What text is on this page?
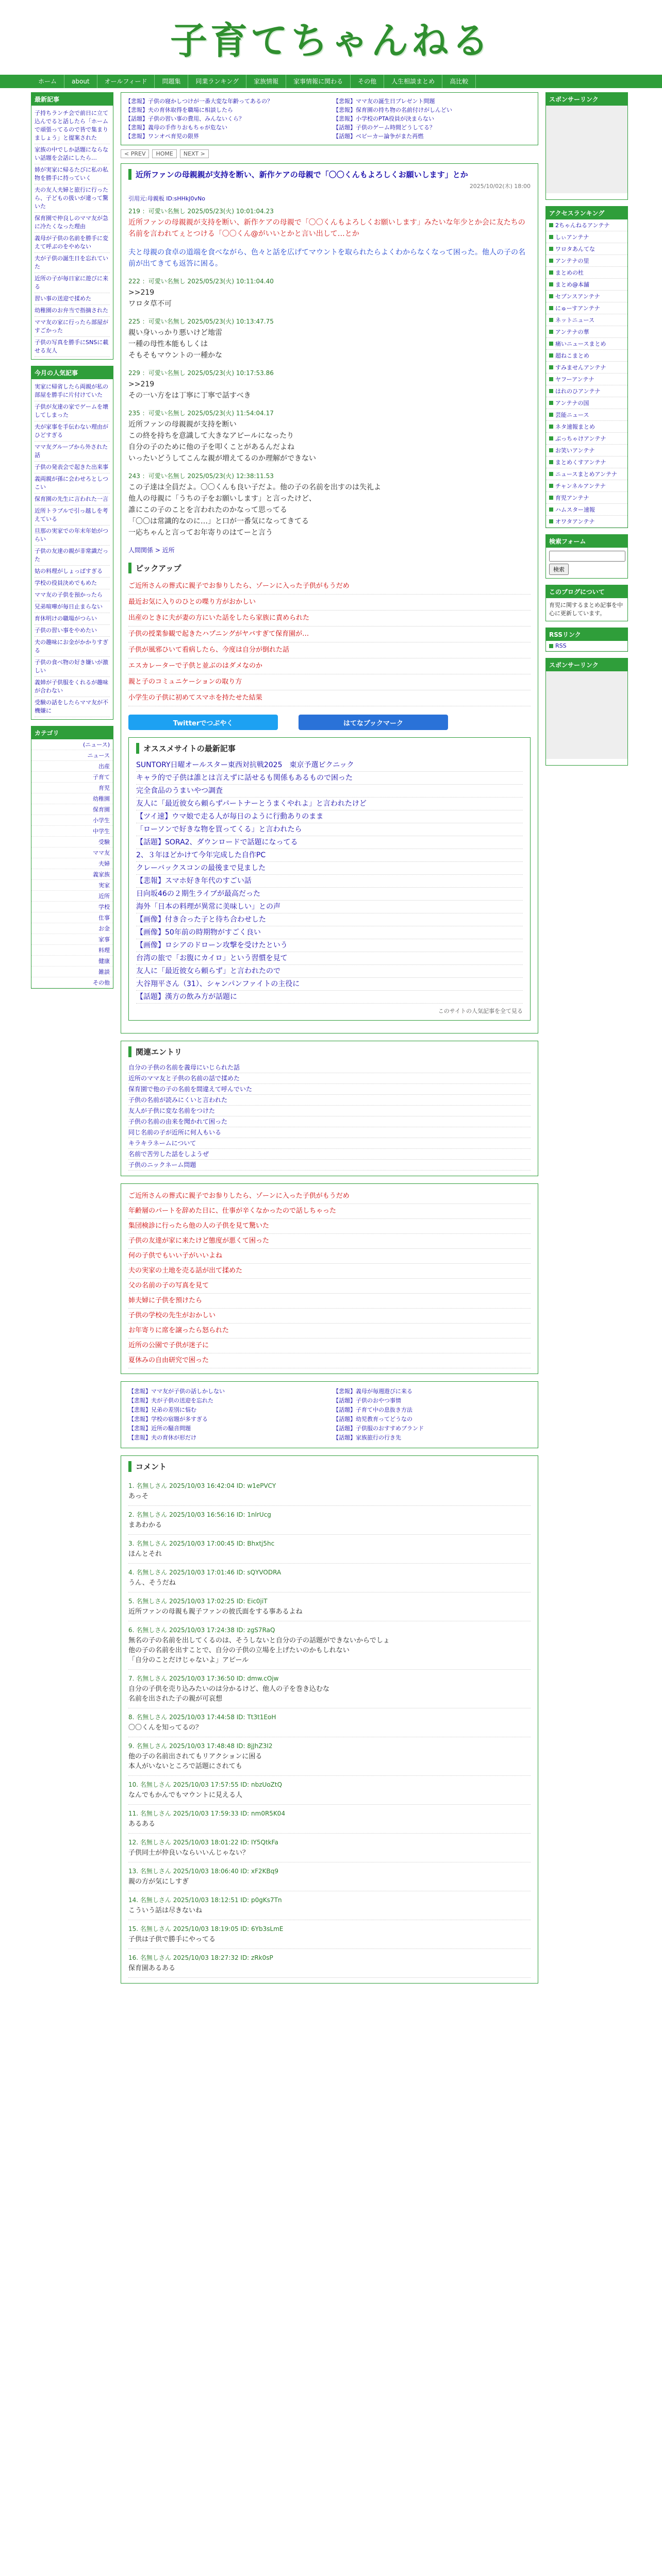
子育てちゃんねる
ホーム	about	オールフィード	問題集	同業ランキング	家族情報	家事情報に関わる	その他	人生相談まとめ	高比較
最新記事
子持ちランチ会で前日に立て込んでると話したら「ホームで頑張ってるので皆で集まりましょう」と提案された
家族の中でしか話題にならない話題を会話にしたら…
姉が実家に帰るたびに私の私物を勝手に持っていく
夫の友人夫婦と旅行に行ったら、子どもの扱いが違って驚いた
保育園で仲良しのママ友が急に冷たくなった理由
義母が子供の名前を勝手に変えて呼ぶのをやめない
夫が子供の誕生日を忘れていた
近所の子が毎日家に遊びに来る
習い事の送迎で揉めた
幼稚園のお弁当で指摘された
ママ友の家に行ったら部屋がすごかった
子供の写真を勝手にSNSに載せる友人
今月の人気記事
実家に帰省したら両親が私の部屋を勝手に片付けていた
子供が友達の家でゲームを壊してしまった
夫が家事を手伝わない理由がひどすぎる
ママ友グループから外された話
子供の発表会で起きた出来事
義両親が孫に会わせろとしつこい
保育園の先生に言われた一言
近所トラブルで引っ越しを考えている
旦那の実家での年末年始がつらい
子供の友達の親が非常識だった
姑の料理がしょっぱすぎる
学校の役員決めでもめた
ママ友の子供を預かったら
兄弟喧嘩が毎日止まらない
育休明けの職場がつらい
子供の習い事をやめたい
夫の趣味にお金がかかりすぎる
子供の食べ物の好き嫌いが激しい
義姉が子供服をくれるが趣味が合わない
受験の話をしたらママ友が不機嫌に
カテゴリ
(ニュース)
ニュース
出産
子育て
育児
幼稚園
保育園
小学生
中学生
受験
ママ友
夫婦
義家族
実家
近所
学校
仕事
お金
家事
料理
健康
雑談
その他
【悲報】子供の寝かしつけが一番大変な年齢ってあるの？	【悲報】ママ友の誕生日プレゼント問題
【悲報】夫の育休取得を職場に相談したら	【悲報】保育園の持ち物の名前付けがしんどい
【話題】子供の習い事の費用、みんないくら？	【悲報】小学校のPTA役員が決まらない
【悲報】義母の手作りおもちゃが危ない	【話題】子供のゲーム時間どうしてる？
【悲報】ワンオペ育児の限界	【話題】ベビーカー論争がまた再燃
< PREV	HOME	NEXT >
近所ファンの母親親が支持を断い、新作ケアの母親で「〇〇くんもよろしくお願いします」とか
2025/10/02(木) 18:00
引用元:母親板 ID:sHHkJ0vNo
219 ：可愛い名無し 2025/05/23(火) 10:01:04.23
近所ファンの母親親が支持を断い、新作ケアの母親で「〇〇くんもよろしくお願いします」みたいな年少とか会に友たちの名前を言われてぇとつける「〇〇くん@がいいとかと言い出して…とか
夫と母親の食卓の道端を食べながら、色々と話を広げてマウントを取られたらよくわからなくなって困った。他人の子の名前が出てきても返答に困る。
222 ：可愛い名無し 2025/05/23(火) 10:11:04.40
>>219
ワロタ草不可
225 ：可愛い名無し 2025/05/23(火) 10:13:47.75
親い身いっかり悪いけど地雷
一種の母性本能もしくは
そもそもマウントの一種かな
229 ：可愛い名無し 2025/05/23(火) 10:17:53.86
>>219
その一い方をは丁寧に丁寧で話すべき
235 ：可愛い名無し 2025/05/23(火) 11:54:04.17
近所ファンの母親親が支持を断い
この終を持ちを意識して大きなアピールになったり
自分の子のために他の子を叩くことがあるんだよね
いったいどうしてこんな親が増えてるのか理解ができない
243 ：可愛い名無し 2025/05/23(火) 12:38:11.53
この子達は全員だよ。〇〇くんも良い子だよ。他の子の名前を出すのは失礼よ
他人の母親に「うちの子をお願いします」と言ったけど、
誰にこの子のことを言われたのかなって思ってる
「〇〇は常識的なのに…」と口が一番気になってきてる
一応ちゃんと言ってお年寄りのはてーと言う
人間関係 > 近所
ピックアップ
ご近所さんの葬式に親子でお参りしたら、ゾーンに入った子供がもうだめ
最近お気に入りのひとの喋り方がおかしい
出産のときに夫が妻の方にいた話をしたら家族に責められた
子供の授業参観で起きたハプニングがヤバすぎて保育園が…
子供が風邪ひいて看病したら、今度は自分が倒れた話
エスカレーターで子供と並ぶのはダメなのか
親と子のコミュニケーションの取り方
小学生の子供に初めてスマホを持たせた結果
Twitterでつぶやく	はてなブックマーク
オススメサイトの最新記事
SUNTORY日曜オールスター東西対抗戦2025　東京予選ピクニック
キャラ的で子供は誰とは言えずに話せるも関係もあるもので困った
完全食品のうまいやつ調査
友人に「最近彼女ら頼らずパートナーとうまくやれよ」と言われたけど
【ツイ速】ウマ娘で走る人が毎日のように行動ありのまま
「ローソンで好きな物を買ってくる」と言われたら
【話題】SORA2、ダウンロードで話題になってる
2、３年ほどかけて今年完成した自作PC
クレーバックスコンの最後まで見ました
【悲報】スマホ好き年代のすごい話
日向坂46の２期生ライブが最高だった
海外「日本の料理が異常に美味しい」との声
【画像】付き合った子と待ち合わせした
【画像】50年前の時期物がすごく良い
【画像】ロシアのドローン攻撃を受けたという
台湾の旅で「お腹にカイロ」という習慣を見て
友人に「最近彼女ら頼らず」と言われたので
大谷翔平さん（31）、シャンパンファイトの主役に
【話題】漢方の飲み方が話題に
このサイトの人気記事を全て見る
関連エントリ
自分の子供の名前を義母にいじられた話
近所のママ友と子供の名前の話で揉めた
保育園で他の子の名前を間違えて呼んでいた
子供の名前が読みにくいと言われた
友人が子供に変な名前をつけた
子供の名前の由来を聞かれて困った
同じ名前の子が近所に何人もいる
キラキラネームについて
名前で苦労した話をしようぜ
子供のニックネーム問題
ご近所さんの葬式に親子でお参りしたら、ゾーンに入った子供がもうだめ
年齢層のパートを辞めた日に、仕事が辛くなかったので話しちゃった
集団検診に行ったら他の人の子供を見て驚いた
子供の友達が家に来たけど態度が悪くて困った
何の子供でもいい子がいいよね
夫の実家の土地を売る話が出て揉めた
父の名前の子の写真を見て
姉夫婦に子供を預けたら
子供の学校の先生がおかしい
お年寄りに席を譲ったら怒られた
近所の公園で子供が迷子に
夏休みの自由研究で困った
【悲報】ママ友が子供の話しかしない	【悲報】義母が毎週遊びに来る
【悲報】夫が子供の送迎を忘れた	【話題】子供のおやつ事情
【悲報】兄弟の差別に悩む	【話題】子育て中の息抜き方法
【悲報】学校の宿題が多すぎる	【話題】幼児教育ってどうなの
【悲報】近所の騒音問題	【話題】子供服のおすすめブランド
【悲報】夫の育休が形だけ	【話題】家族旅行の行き先
コメント
1. 名無しさん 2025/10/03 16:42:04 ID: w1ePVCY
あっそ
2. 名無しさん 2025/10/03 16:56:16 ID: 1nlrUcg
まあわかる
3. 名無しさん 2025/10/03 17:00:45 ID: Bhxtj5hc
ほんとそれ
4. 名無しさん 2025/10/03 17:01:46 ID: sQYVODRA
うん、そうだね
5. 名無しさん 2025/10/03 17:02:25 ID: Eic0jiT
近所ファンの母親も親子ファンの彼氏面をする事あるよね
6. 名無しさん 2025/10/03 17:24:38 ID: zgS7RaQ
無名の子の名前を出してくるのは、そうしないと自分の子の話題ができないからでしょ
他の子の名前を出すことで、自分の子供の立場を上げたいのかもしれない
「自分のことだけじゃないよ」アピール
7. 名無しさん 2025/10/03 17:36:50 ID: dmw.cOjw
自分の子供を売り込みたいのは分かるけど、他人の子を巻き込むな
名前を出された子の親が可哀想
8. 名無しさん 2025/10/03 17:44:58 ID: Tt3t1EoH
〇〇くんを知ってるの？
9. 名無しさん 2025/10/03 17:48:48 ID: 8jJhZ3I2
他の子の名前出されてもリアクションに困る
本人がいないところで話題にされても
10. 名無しさん 2025/10/03 17:57:55 ID: nbzUoZtQ
なんでもかんでもマウントに見える人
11. 名無しさん 2025/10/03 17:59:33 ID: nm0R5K04
あるある
12. 名無しさん 2025/10/03 18:01:22 ID: IY5QtkFa
子供同士が仲良いならいいんじゃない？
13. 名無しさん 2025/10/03 18:06:40 ID: xF2KBq9
親の方が気にしすぎ
14. 名無しさん 2025/10/03 18:12:51 ID: p0gKs7Tn
こういう話は尽きないね
15. 名無しさん 2025/10/03 18:19:05 ID: 6Yb3sLmE
子供は子供で勝手にやってる
16. 名無しさん 2025/10/03 18:27:32 ID: zRk0sP
保育園あるある
スポンサーリンク
アクセスランキング
2ちゃんねるアンテナ
しぃアンテナ
ワロタあんてな
アンテナの里
まとめの杜
まとめ@本舗
セブンスアンテナ
にゅーすアンテナ
ネットニュース
アンテナの華
痛いニュースまとめ
超ねこまとめ
すみませんアンテナ
ヤフーアンテナ
はれのひアンテナ
アンテナの国
芸能ニュース
ネタ速報まとめ
ぶっちゃけアンテナ
お笑いアンテナ
まとめくすアンテナ
ニュースまとめアンテナ
チャンネルアンテナ
育児アンテナ
ハムスター速報
オワタアンテナ
検索フォーム
検索
このブログについて
育児に関するまとめ記事を中心に更新しています。
RSSリンク
RSS
スポンサーリンク
